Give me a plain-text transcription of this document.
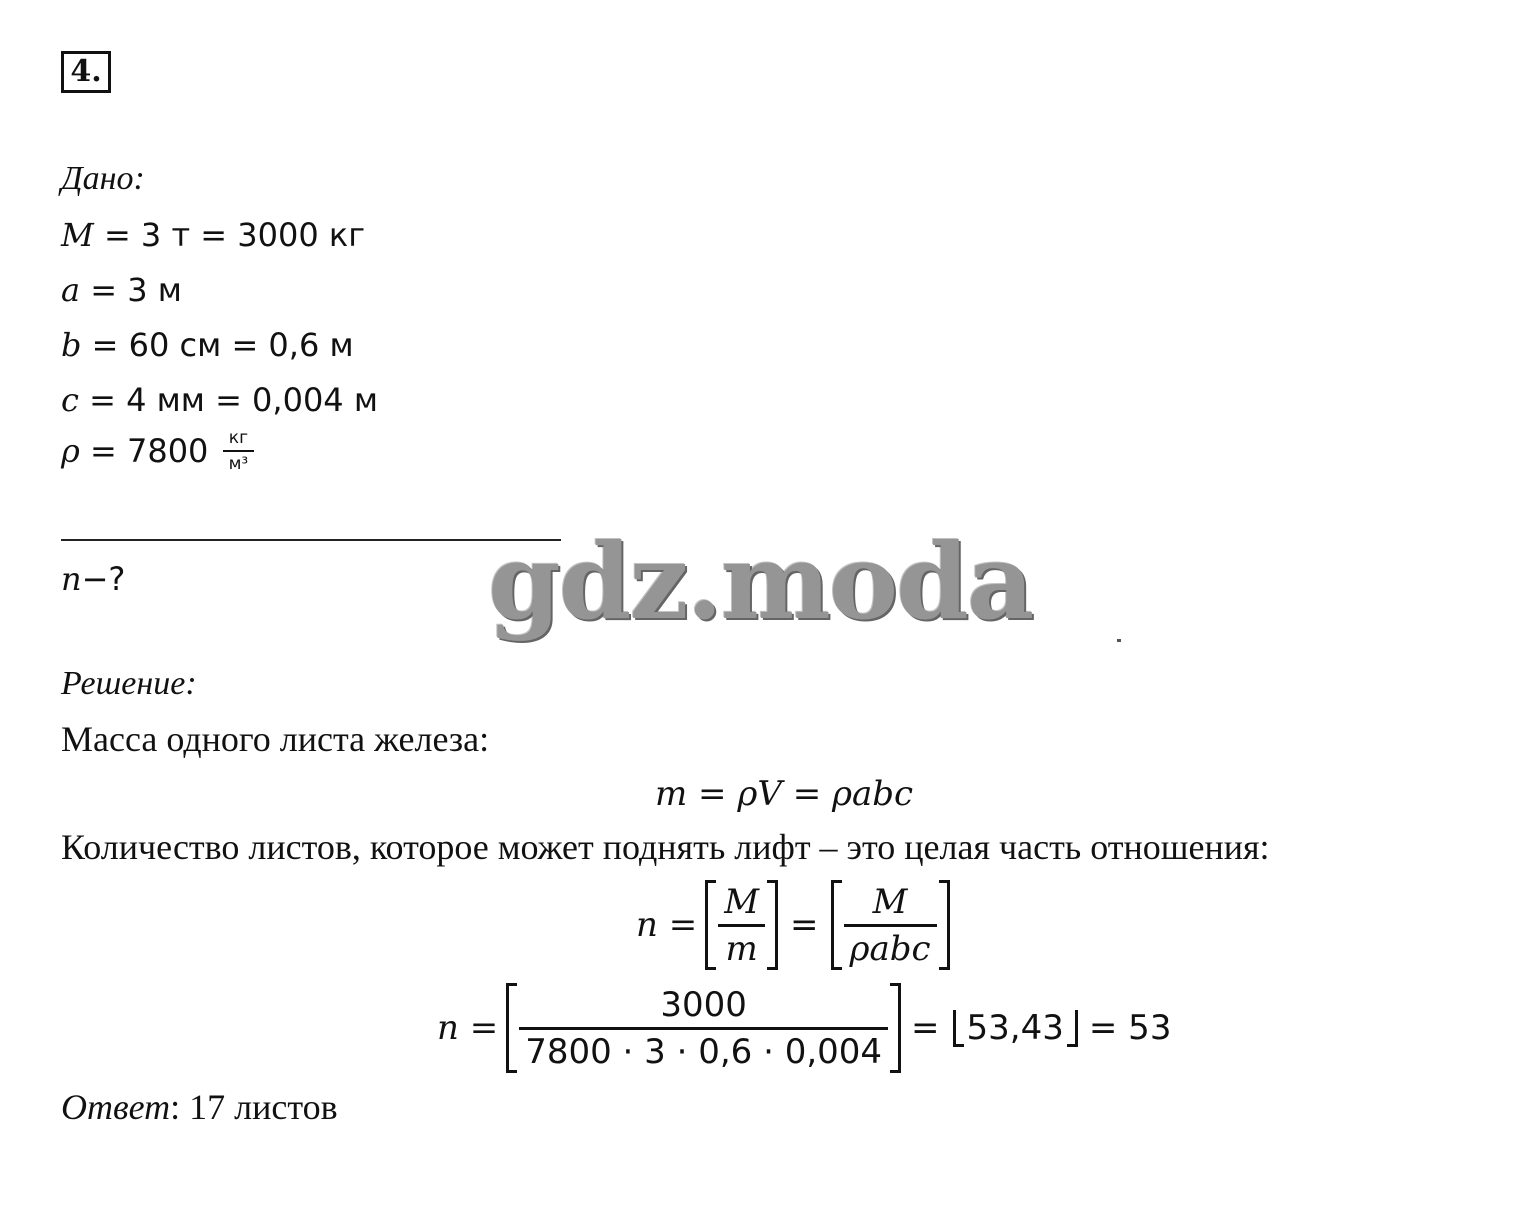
4.
Дано:
M = 3 т = 3000 кг
a = 3 м
b = 60 см = 0,6 м
c = 4 мм = 0,004 м
$\rho = 7800 \frac{кг}{\text{м³}}$
n−?	gdz.moda
Решение:
Масса одного листа железа:
m = ρV = ρabc
Количество листов, которое может поднять лифт – это целая часть отношения:
$n = \frac{M}{m} = \frac{M}{\text{ρabc}}$
$n = \frac{3000}{7800 \cdot 3 \cdot 0,6 \cdot 0,004} = 53,43 = 53$
Ответ: 17 листов
